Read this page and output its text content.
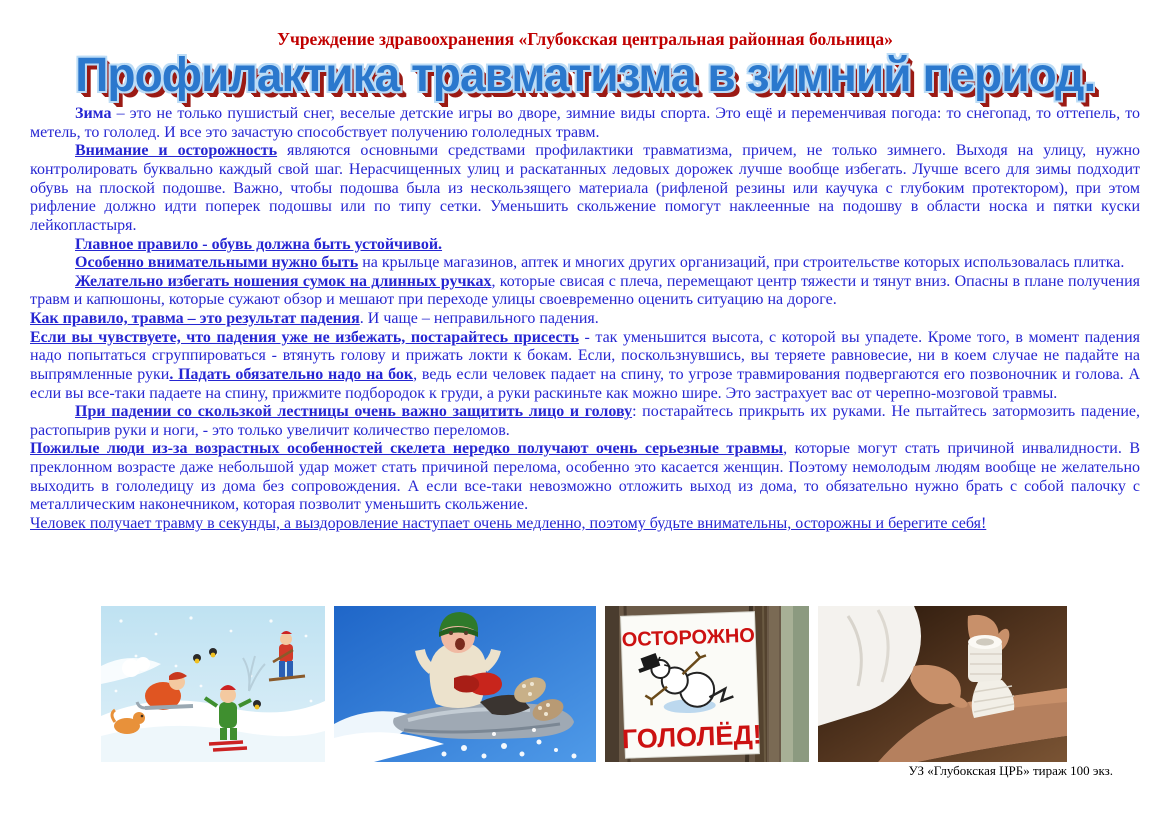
Учреждение здравоохранения «Глубокская центральная районная больница»
Профилактика травматизма в зимний период.

Зима – это не только пушистый снег, веселые детские игры во дворе, зимние виды спорта. Это ещё и переменчивая погода: то снегопад, то оттепель, то метель, то гололед. И все это зачастую способствует получению гололедных травм.

Внимание и осторожность являются основными средствами профилактики травматизма, причем, не только зимнего. Выходя на улицу, нужно контролировать буквально каждый свой шаг. Нерасчищенных улиц и раскатанных ледовых дорожек лучше вообще избегать. Лучше всего для зимы подходит обувь на плоской подошве. Важно, чтобы подошва была из нескользящего материала (рифленой резины или каучука с глубоким протектором), при этом рифление должно идти поперек подошвы или по типу сетки. Уменьшить скольжение помогут наклеенные на подошву в области носка и пятки куски лейкопластыря.

Главное правило - обувь должна быть устойчивой.

Особенно внимательными нужно быть на крыльце магазинов, аптек и многих других организаций, при строительстве которых использовалась плитка.

Желательно избегать ношения сумок на длинных ручках, которые свисая с плеча, перемещают центр тяжести и тянут вниз. Опасны в плане получения травм и капюшоны, которые сужают обзор и мешают при переходе улицы своевременно оценить ситуацию на дороге.

Как правило, травма – это результат падения. И чаще – неправильного падения.

Если вы чувствуете, что падения уже не избежать, постарайтесь присесть - так уменьшится высота, с которой вы упадете. Кроме того, в момент падения надо попытаться сгруппироваться - втянуть голову и прижать локти к бокам. Если, поскользнувшись, вы теряете равновесие, ни в коем случае не падайте на выпрямленные руки. Падать обязательно надо на бок, ведь если человек падает на спину, то угрозе травмирования подвергаются его позвоночник и голова. А если вы все-таки падаете на спину, прижмите подбородок к груди, а руки раскиньте как можно шире. Это застрахует вас от черепно-мозговой травмы.

При падении со скользкой лестницы очень важно защитить лицо и голову: постарайтесь прикрыть их руками. Не пытайтесь затормозить падение, растопырив руки и ноги, - это только увеличит количество переломов.

Пожилые люди из-за возрастных особенностей скелета нередко получают очень серьезные травмы, которые могут стать причиной инвалидности. В преклонном возрасте даже небольшой удар может стать причиной перелома, особенно это касается женщин. Поэтому немолодым людям вообще не желательно выходить в гололедицу из дома без сопровождения. А если все-таки невозможно отложить выход из дома, то обязательно нужно брать с собой палочку с металлическим наконечником, которая позволит уменьшить скольжение.

Человек получает травму в секунды, а выздоровление наступает очень медленно, поэтому будьте внимательны, осторожны и берегите себя!

ОСТОРОЖНО
ГОЛОЛЁД!
УЗ «Глубокская ЦРБ» тираж 100 экз.
